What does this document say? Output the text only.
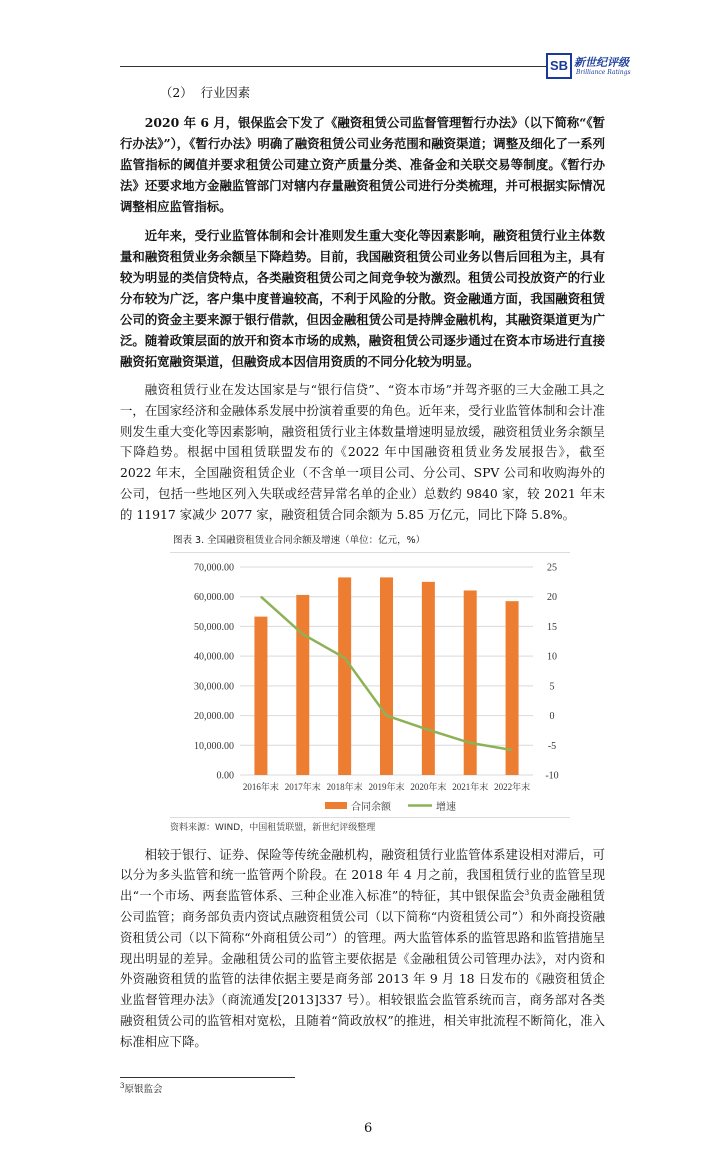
SB 新世纪评级
Brilliance Ratings
（2） 行业因素

2020 年 6 月，银保监会下发了《融资租赁公司监督管理暂行办法》（以下简称“《暂行办法》”），《暂行办法》明确了融资租赁公司业务范围和融资渠道；调整及细化了一系列监管指标的阈值并要求租赁公司建立资产质量分类、准备金和关联交易等制度。《暂行办法》还要求地方金融监管部门对辖内存量融资租赁公司进行分类梳理，并可根据实际情况调整相应监管指标。

近年来，受行业监管体制和会计准则发生重大变化等因素影响，融资租赁行业主体数量和融资租赁业务余额呈下降趋势。目前，我国融资租赁公司业务以售后回租为主，具有较为明显的类信贷特点，各类融资租赁公司之间竞争较为激烈。租赁公司投放资产的行业分布较为广泛，客户集中度普遍较高，不利于风险的分散。资金融通方面，我国融资租赁公司的资金主要来源于银行借款，但因金融租赁公司是持牌金融机构，其融资渠道更为广泛。随着政策层面的放开和资本市场的成熟，融资租赁公司逐步通过在资本市场进行直接融资拓宽融资渠道，但融资成本因信用资质的不同分化较为明显。

融资租赁行业在发达国家是与“银行信贷”、“资本市场”并驾齐驱的三大金融工具之一，在国家经济和金融体系发展中扮演着重要的角色。近年来，受行业监管体制和会计准则发生重大变化等因素影响，融资租赁行业主体数量增速明显放缓，融资租赁业务余额呈下降趋势。根据中国租赁联盟发布的《2022 年中国融资租赁业务发展报告》，截至 2022 年末，全国融资租赁企业（不含单一项目公司、分公司、SPV 公司和收购海外的公司，包括一些地区列入失联或经营异常名单的企业）总数约 9840 家，较 2021 年末的 11917 家减少 2077 家，融资租赁合同余额为 5.85 万亿元，同比下降 5.8%。

图表 3. 全国融资租赁业合同余额及增速（单位：亿元，%）
0.00
10,000.00
20,000.00
30,000.00
40,000.00
50,000.00
60,000.00
70,000.00
-10
-5
0
5
10
15
20
25
2016年末 2017年末 2018年末 2019年末 2020年末 2021年末 2022年末
合同余额	增速
资料来源：WIND，中国租赁联盟，新世纪评级整理

相较于银行、证券、保险等传统金融机构，融资租赁行业监管体系建设相对滞后，可以分为多头监管和统一监管两个阶段。在 2018 年 4 月之前，我国租赁行业的监管呈现出“一个市场、两套监管体系、三种企业准入标准”的特征，其中银保监会$^3$负责金融租赁公司监管；商务部负责内资试点融资租赁公司（以下简称“内资租赁公司”）和外商投资融资租赁公司（以下简称“外商租赁公司”）的管理。两大监管体系的监管思路和监管措施呈现出明显的差异。金融租赁公司的监管主要依据是《金融租赁公司管理办法》，对内资和外资融资租赁的监管的法律依据主要是商务部 2013 年 9 月 18 日发布的《融资租赁企业监督管理办法》（商流通发[2013]337 号）。相较银监会监管系统而言，商务部对各类融资租赁公司的监管相对宽松，且随着“简政放权”的推进，相关审批流程不断简化，准入标准相应下降。

$^3$原银监会
6
